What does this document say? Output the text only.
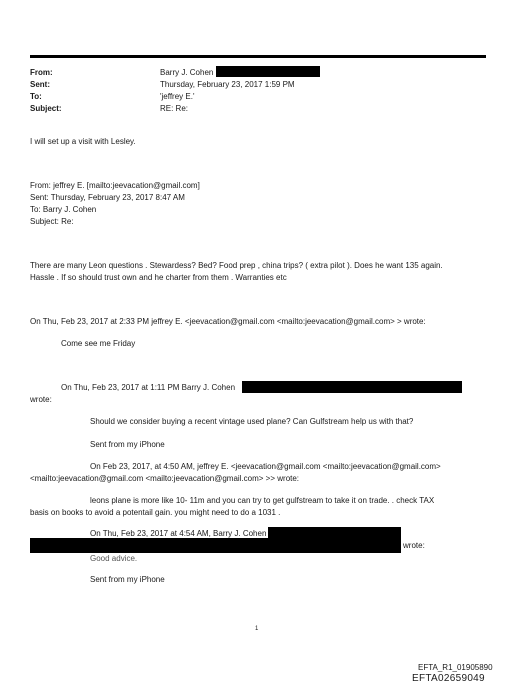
From:
Sent:
To:
Subject:
Barry J. Cohen
Thursday, February 23, 2017 1:59 PM
'jeffrey E.'
RE: Re:
I will set up a visit with Lesley.
From: jeffrey E. [mailto:jeevacation@gmail.com]
Sent: Thursday, February 23, 2017 8:47 AM
To: Barry J. Cohen
Subject: Re:
There are many Leon questions . Stewardess? Bed? Food prep , china trips? ( extra pilot ). Does he want 135 again.
Hassle . If so should trust own and he charter from them . Warranties etc
On Thu, Feb 23, 2017 at 2:33 PM jeffrey E. <jeevacation@gmail.com <mailto:jeevacation@gmail.com> > wrote:
Come see me Friday
On Thu, Feb 23, 2017 at 1:11 PM Barry J. Cohen
wrote:
Should we consider buying a recent vintage used plane? Can Gulfstream help us with that?
Sent from my iPhone
On Feb 23, 2017, at 4:50 AM, jeffrey E. <jeevacation@gmail.com <mailto:jeevacation@gmail.com>
<mailto:jeevacation@gmail.com <mailto:jeevacation@gmail.com> >> wrote:
leons plane is more like 10- 11m and you can try to get gulfstream to take it on trade. . check TAX
basis on books to avoid a potentail gain. you might need to do a 1031 .
On Thu, Feb 23, 2017 at 4:54 AM, Barry J. Cohen
wrote:
Good advice.
Sent from my iPhone
1
EFTA_R1_01905890
EFTA02659049
